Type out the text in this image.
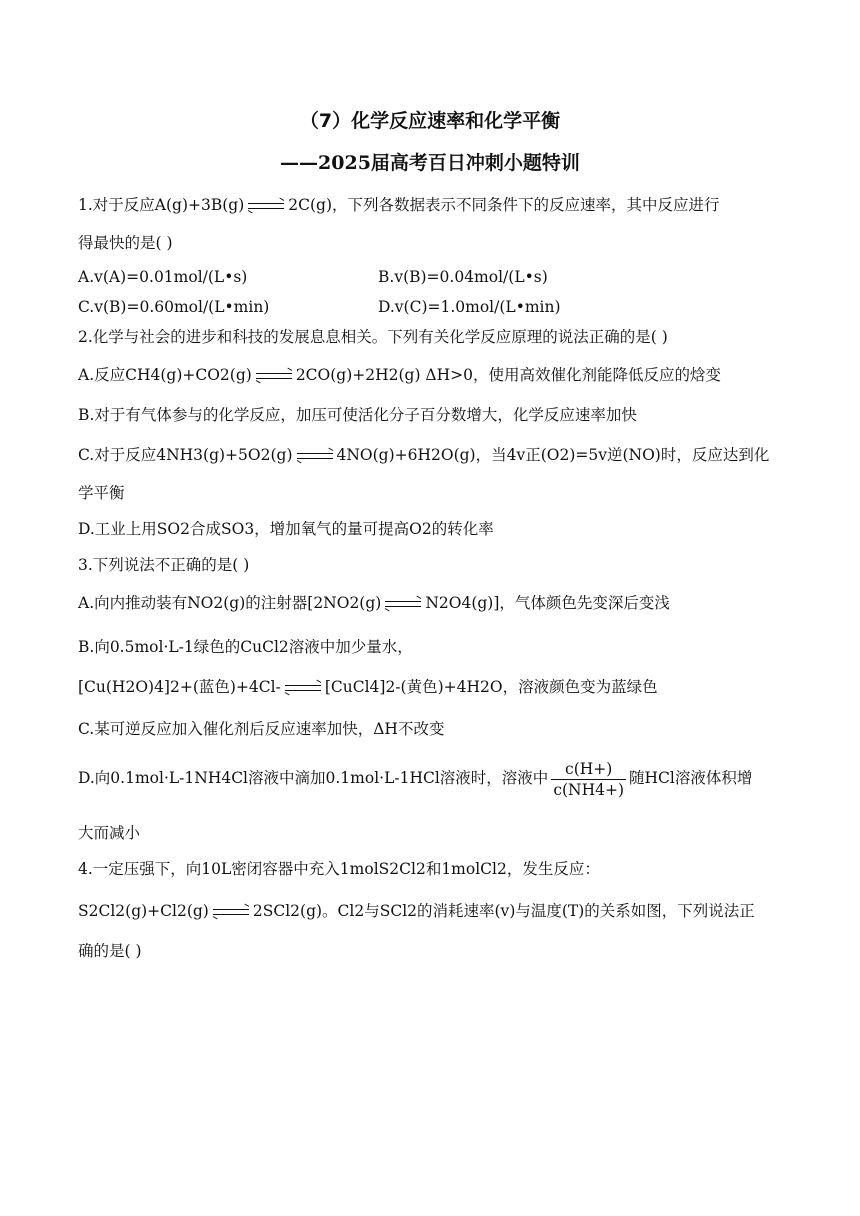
（7）化学反应速率和化学平衡
——2025届高考百日冲刺小题特训
1.对于反应A(g)+3B(g)	2C(g)，下列各数据表示不同条件下的反应速率，其中反应进行
得最快的是( )
A.v(A)=0.01mol/(L•s)	B.v(B)=0.04mol/(L•s)
C.v(B)=0.60mol/(L•min)	D.v(C)=1.0mol/(L•min)
2.化学与社会的进步和科技的发展息息相关。下列有关化学反应原理的说法正确的是( )
A.反应CH4(g)+CO2(g)	2CO(g)+2H2(g) ΔH>0，使用高效催化剂能降低反应的焓变
B.对于有气体参与的化学反应，加压可使活化分子百分数增大，化学反应速率加快
C.对于反应4NH3(g)+5O2(g)	4NO(g)+6H2O(g)，当4v正(O2)=5v逆(NO)时，反应达到化
学平衡
D.工业上用SO2合成SO3，增加氧气的量可提高O2的转化率
3.下列说法不正确的是( )
A.向内推动装有NO2(g)的注射器[2NO2(g)	N2O4(g)]，气体颜色先变深后变浅
B.向0.5mol·L-1绿色的CuCl2溶液中加少量水，
[Cu(H2O)4]2+(蓝色)+4Cl-	[CuCl4]2-(黄色)+4H2O，溶液颜色变为蓝绿色
C.某可逆反应加入催化剂后反应速率加快，ΔH不改变
D.向0.1mol·L-1NH4Cl溶液中滴加0.1mol·L-1HCl溶液时，溶液中 $\frac{c(H+)}{c(NH4+)}$ 随HCl溶液体积增
大而减小
4.一定压强下，向10L密闭容器中充入1molS2Cl2和1molCl2，发生反应：
S2Cl2(g)+Cl2(g)	2SCl2(g)。Cl2与SCl2的消耗速率(v)与温度(T)的关系如图，下列说法正
确的是( )
